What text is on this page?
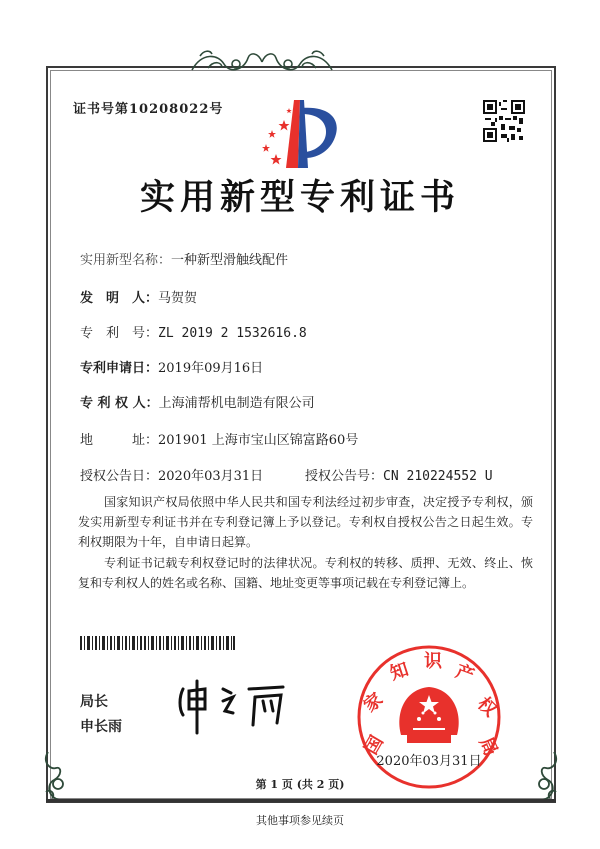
证书号第10208022号
实用新型专利证书
实用新型名称：一种新型滑触线配件
发　明　人：马贺贺
专　利　号：ZL 2019 2 1532616.8
专利申请日：2019年09月16日
专 利 权 人：上海浦帮机电制造有限公司
地　　　址：201901 上海市宝山区锦富路60号
授权公告日：2020年03月31日	授权公告号：CN 210224552 U
国家知识产权局依照中华人民共和国专利法经过初步审查，决定授予专利权，颁发实用新型专利证书并在专利登记簿上予以登记。专利权自授权公告之日起生效。专利权期限为十年，自申请日起算。
专利证书记载专利权登记时的法律状况。专利权的转移、质押、无效、终止、恢复和专利权人的姓名或名称、国籍、地址变更等事项记载在专利登记簿上。
局长
申长雨
国
家
知 识 产
权
局
2020年03月31日
第 1 页 (共 2 页)
其他事项参见续页
